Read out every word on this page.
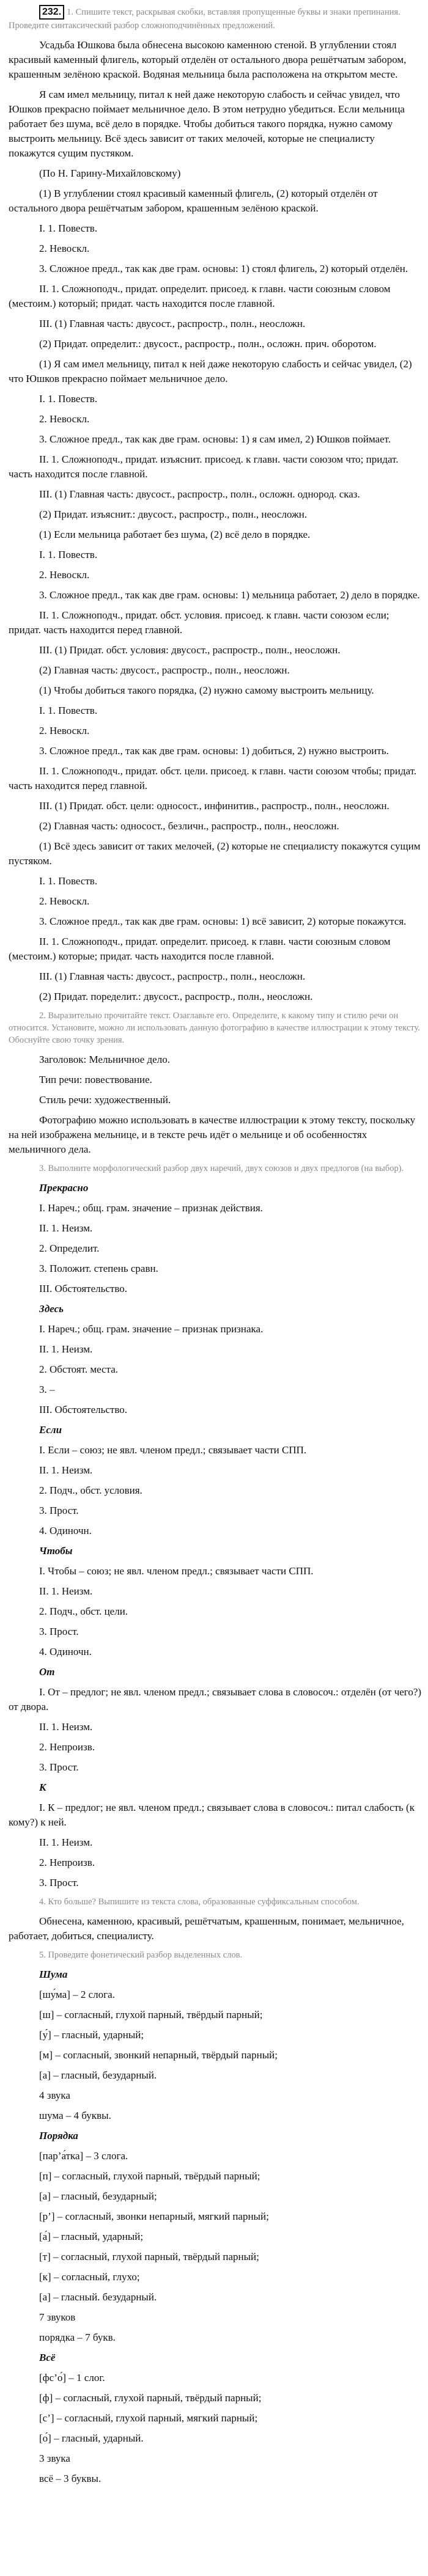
232. 1. Спишите текст, раскрывая скобки, вставляя пропущенные буквы и знаки препинания. Проведите синтаксический разбор сложноподчинённых предложений.

Усадьба Юшкова была обнесена высокою каменною стеной. В углублении стоял красивый каменный флигель, который отделён от остального двора решётчатым забором, крашенным зелёною краской. Водяная мельница была расположена на открытом месте.

Я сам имел мельницу, питал к ней даже некоторую слабость и сейчас увидел, что Юшков прекрасно поймает мельничное дело. В этом нетрудно убедиться. Если мельница работает без шума, всё дело в порядке. Чтобы добиться такого порядка, нужно самому выстроить мельницу. Всё здесь зависит от таких мелочей, которые не специалисту покажутся сущим пустяком.

(По Н. Гарину-Михайловскому)

(1) В углублении стоял красивый каменный флигель, (2) который отделён от остального двора решётчатым забором, крашенным зелёною краской.

I. 1. Повеств.

2. Невоскл.

3. Сложное предл., так как две грам. основы: 1) стоял флигель, 2) который отделён.

II. 1. Сложноподч., придат. определит. присоед. к главн. части союзным словом (местоим.) который; придат. часть находится после главной.

III. (1) Главная часть: двусост., распростр., полн., неосложн.

(2) Придат. определит.: двусост., распростр., полн., осложн. прич. оборотом.

(1) Я сам имел мельницу, питал к ней даже некоторую слабость и сейчас увидел, (2) что Юшков прекрасно поймает мельничное дело.

I. 1. Повеств.

2. Невоскл.

3. Сложное предл., так как две грам. основы: 1) я сам имел, 2) Юшков поймает.

II. 1. Сложноподч., придат. изъяснит. присоед. к главн. части союзом что; придат. часть находится после главной.

III. (1) Главная часть: двусост., распростр., полн., осложн. однород. сказ.

(2) Придат. изъяснит.: двусост., распростр., полн., неосложн.

(1) Если мельница работает без шума, (2) всё дело в порядке.

I. 1. Повеств.

2. Невоскл.

3. Сложное предл., так как две грам. основы: 1) мельница работает, 2) дело в порядке.

II. 1. Сложноподч., придат. обст. условия. присоед. к главн. части союзом если; придат. часть находится перед главной.

III. (1) Придат. обст. условия: двусост., распростр., полн., неосложн.

(2) Главная часть: двусост., распростр., полн., неосложн.

(1) Чтобы добиться такого порядка, (2) нужно самому выстроить мельницу.

I. 1. Повеств.

2. Невоскл.

3. Сложное предл., так как две грам. основы: 1) добиться, 2) нужно выстроить.

II. 1. Сложноподч., придат. обст. цели. присоед. к главн. части союзом чтобы; придат. часть находится перед главной.

III. (1) Придат. обст. цели: односост., инфинитив., распростр., полн., неосложн.

(2) Главная часть: односост., безличн., распростр., полн., неосложн.

(1) Всё здесь зависит от таких мелочей, (2) которые не специалисту покажутся сущим пустяком.

I. 1. Повеств.

2. Невоскл.

3. Сложное предл., так как две грам. основы: 1) всё зависит, 2) которые покажутся.

II. 1. Сложноподч., придат. определит. присоед. к главн. части союзным словом (местоим.) которые; придат. часть находится после главной.

III. (1) Главная часть: двусост., распростр., полн., неосложн.

(2) Придат. поределит.: двусост., распростр., полн., неосложн.

2. Выразительно прочитайте текст. Озаглавьте его. Определите, к какому типу и стилю речи он относится. Установите, можно ли использовать данную фотографию в качестве иллюстрации к этому тексту. Обоснуйте свою точку зрения.

Заголовок: Мельничное дело.

Тип речи: повествование.

Стиль речи: художественный.

Фотографию можно использовать в качестве иллюстрации к этому тексту, поскольку на ней изображена мельнице, и в тексте речь идёт о мельнице и об особенностях мельничного дела.

3. Выполните морфологический разбор двух наречий, двух союзов и двух предлогов (на выбор).

Прекрасно

I. Нареч.; общ. грам. значение – признак действия.

II. 1. Неизм.

2. Определит.

3. Положит. степень сравн.

III. Обстоятельство.

Здесь

I. Нареч.; общ. грам. значение – признак признака.

II. 1. Неизм.

2. Обстоят. места.

3. –

III. Обстоятельство.

Если

I. Если – союз; не явл. членом предл.; связывает части СПП.

II. 1. Неизм.

2. Подч., обст. условия.

3. Прост.

4. Одиночн.

Чтобы

I. Чтобы – союз; не явл. членом предл.; связывает части СПП.

II. 1. Неизм.

2. Подч., обст. цели.

3. Прост.

4. Одиночн.

От

I. От – предлог; не явл. членом предл.; связывает слова в словосоч.: отделён (от чего?) от двора.

II. 1. Неизм.

2. Непроизв.

3. Прост.

К

I. К – предлог; не явл. членом предл.; связывает слова в словосоч.: питал слабость (к кому?) к ней.

II. 1. Неизм.

2. Непроизв.

3. Прост.

4. Кто больше? Выпишите из текста слова, образованные суффиксальным способом.

Обнесена, каменною, красивый, решётчатым, крашенным, понимает, мельничное, работает, добиться, специалисту.

5. Проведите фонетический разбор выделенных слов.

Шума

[шу́ма] – 2 слога.

[ш] – согласный, глухой парный, твёрдый парный;

[у́] – гласный, ударный;

[м] – согласный, звонкий непарный, твёрдый парный;

[а] – гласный, безударный.

4 звука

шума – 4 буквы.

Порядка

[пар’а́тка] – 3 слога.

[п] – согласный, глухой парный, твёрдый парный;

[а] – гласный, безударный;

[р’] – согласный, звонки непарный, мягкий парный;

[а́] – гласный, ударный;

[т] – согласный, глухой парный, твёрдый парный;

[к] – согласный, глухо;

[а] – гласный. безударный.

7 звуков

порядка – 7 букв.

Всё

[фс’о́] – 1 слог.

[ф] – согласный, глухой парный, твёрдый парный;

[с’] – согласный, глухой парный, мягкий парный;

[о́] – гласный, ударный.

3 звука

всё – 3 буквы.
